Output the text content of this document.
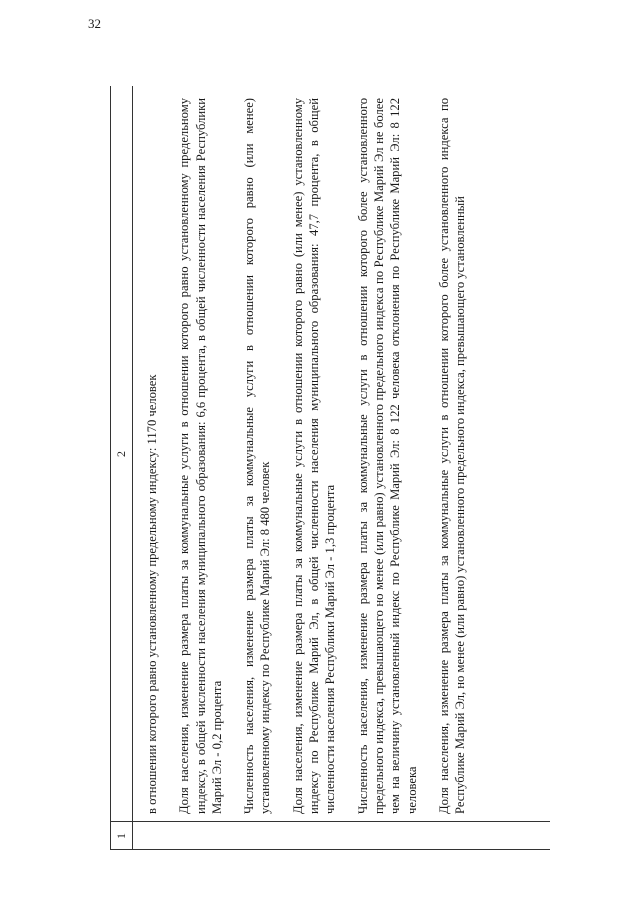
32
1
2	в отношении которого равно установленному предельному индексу: 1170 человек Доля населения, изменение размера платы за коммунальные услуги в отношении которого равно установленному предельному индексу, в общей численности населения муниципального образования: 6,6 процента, в общей численности населения Республики Марий Эл - 0,2 процента Численность населения, изменение размера платы за коммунальные услуги в отношении которого равно (или менее) установленному индексу по Республике Марий Эл: 8 480 человек Доля населения, изменение размера платы за коммунальные услуги в отношении которого равно (или менее) установленному индексу по Республике Марий Эл, в общей численности населения муниципального образования: 47,7 процента, в общей численности населения Республики Марий Эл - 1,3 процента Численность населения, изменение размера платы за коммунальные услуги в отношении которого более установленного предельного индекса, превышающего но менее (или равно) установленного предельного индекса по Республике Марий Эл не более чем на величину установленный индекс по Республике Марий Эл: 8 122 человека отклонения по Республике Марий Эл: 8 122 человека Доля населения, изменение размера платы за коммунальные услуги в отношении которого более установленного индекса по Республике Марий Эл, но менее (или равно) установленного предельного индекса, превышающего установленный
